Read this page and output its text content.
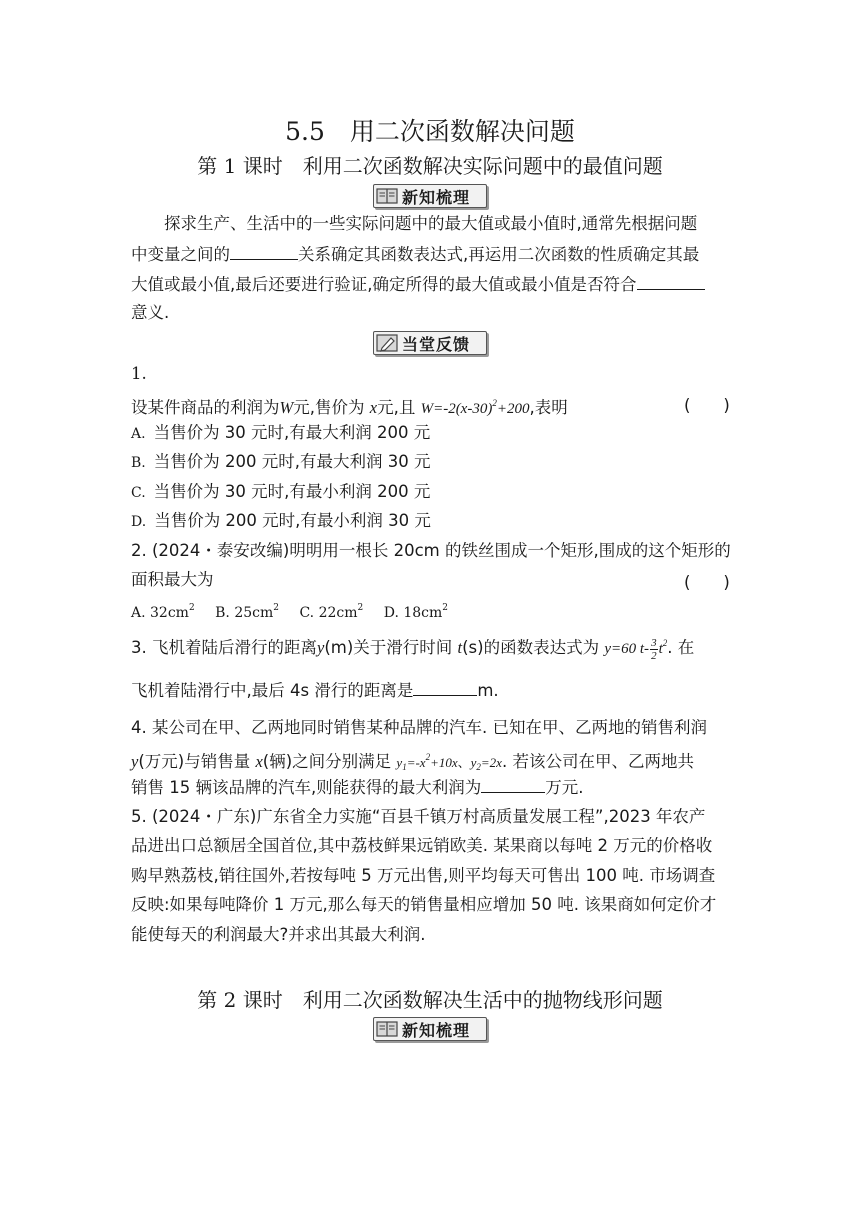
5.5　用二次函数解决问题
第 1 课时　利用二次函数解决实际问题中的最值问题
新知梳理
探求生产、生活中的一些实际问题中的最大值或最小值时,通常先根据问题
中变量之间的	关系确定其函数表达式,再运用二次函数的性质确定其最
大值或最小值,最后还要进行验证,确定所得的最大值或最小值是否符合
意义.
当堂反馈
1.
设某件商品的利润为W元,售价为 x元,且 $W=-2(x-30)^2+200$,表明	(　　)
A. 当售价为 30 元时,有最大利润 200 元
B. 当售价为 200 元时,有最大利润 30 元
C. 当售价为 30 元时,有最小利润 200 元
D. 当售价为 200 元时,有最小利润 30 元
2. (2024・泰安改编)明明用一根长 20cm 的铁丝围成一个矩形,围成的这个矩形的
面积最大为	(　　)
A. $32cm^2$ B. $25cm^2$ C. $22cm^2$ D. $18cm^2$
3. 飞机着陆后滑行的距离y(m)关于滑行时间 t(s)的函数表达式为 y=60 $t- \frac{3}{2} t^2$. 在
飞机着陆滑行中,最后 4s 滑行的距离是	m.
4. 某公司在甲、乙两地同时销售某种品牌的汽车. 已知在甲、乙两地的销售利润
y(万元)与销售量 x(辆)之间分别满足 $y_1=-x^2+10x$、$y_2=2x$. 若该公司在甲、乙两地共
销售 15 辆该品牌的汽车,则能获得的最大利润为	万元.
5. (2024・广东)广东省全力实施“百县千镇万村高质量发展工程”,2023 年农产
品进出口总额居全国首位,其中荔枝鲜果远销欧美. 某果商以每吨 2 万元的价格收
购早熟荔枝,销往国外,若按每吨 5 万元出售,则平均每天可售出 100 吨. 市场调查
反映:如果每吨降价 1 万元,那么每天的销售量相应增加 50 吨. 该果商如何定价才
能使每天的利润最大?并求出其最大利润.
第 2 课时　利用二次函数解决生活中的抛物线形问题
新知梳理
